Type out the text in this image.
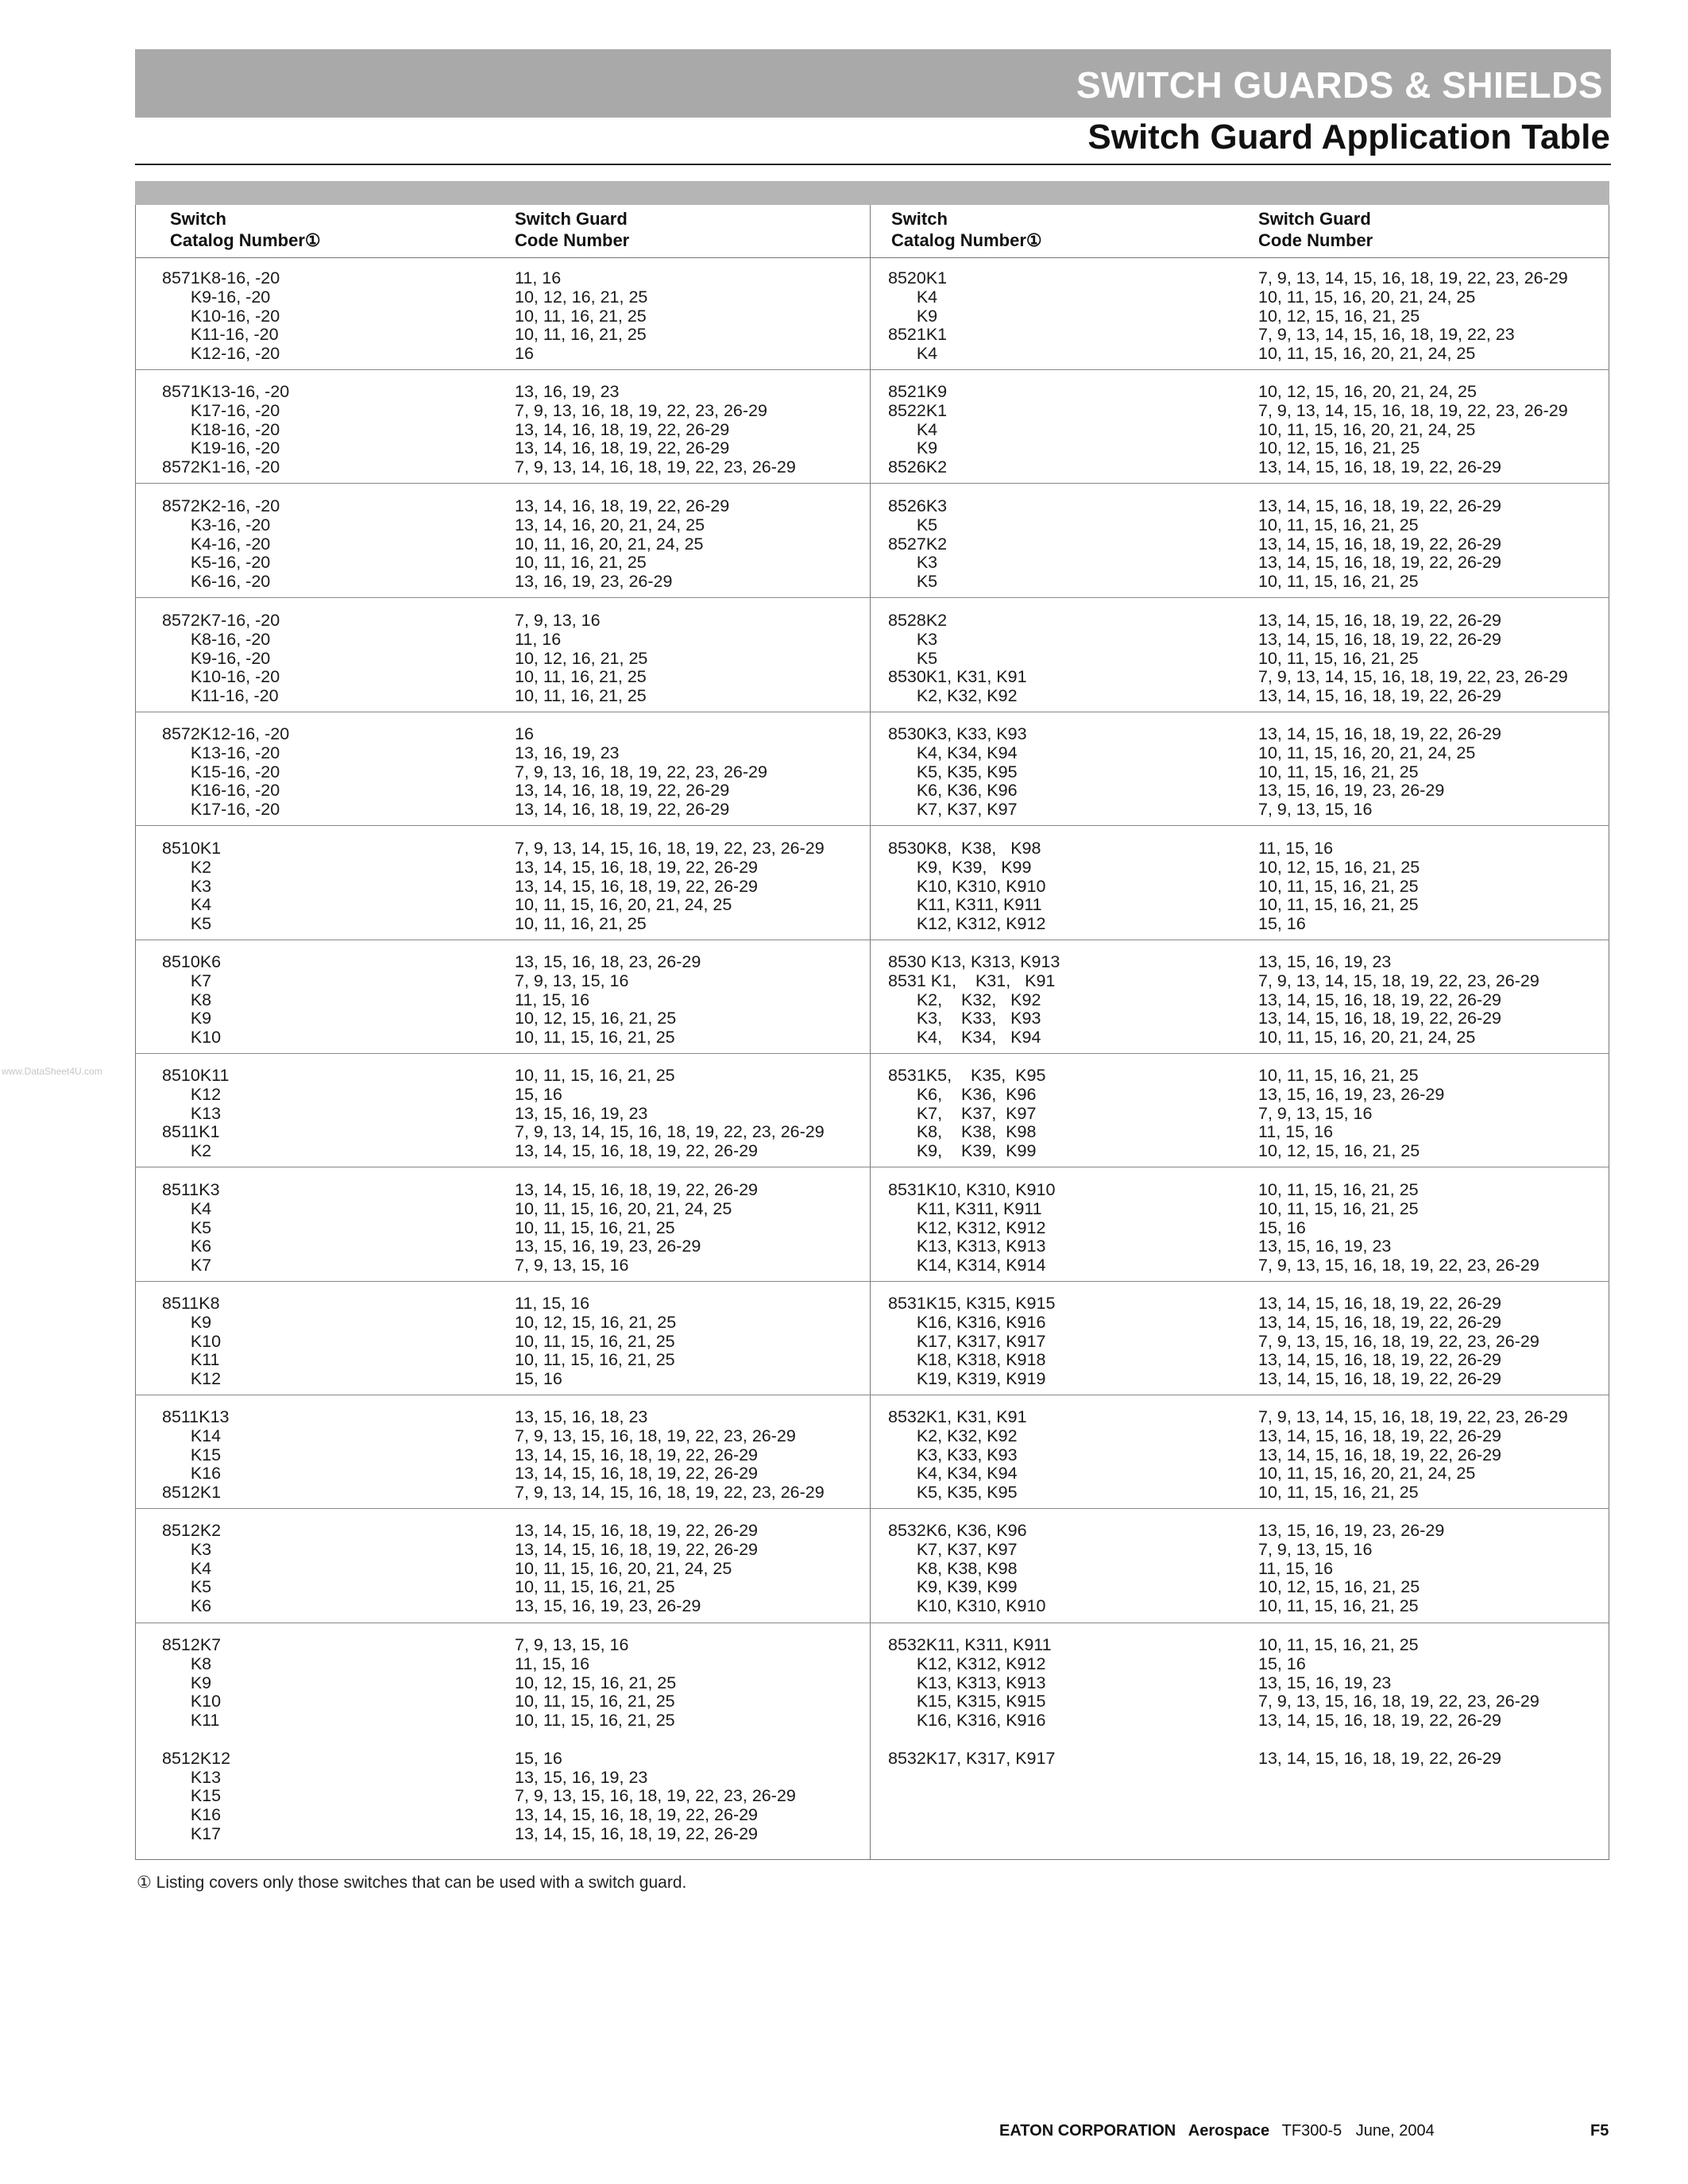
SWITCH GUARDS & SHIELDS
Switch Guard Application Table
Switch
Catalog Number①
Switch Guard
Code Number
Switch
Catalog Number①
Switch Guard
Code Number
8571K8-16, -20
K9-16, -20
K10-16, -20
K11-16, -20
K12-16, -20
11, 16
10, 12, 16, 21, 25
10, 11, 16, 21, 25
10, 11, 16, 21, 25
16
8520K1
K4
K9
8521K1
K4
7, 9, 13, 14, 15, 16, 18, 19, 22, 23, 26-29
10, 11, 15, 16, 20, 21, 24, 25
10, 12, 15, 16, 21, 25
7, 9, 13, 14, 15, 16, 18, 19, 22, 23
10, 11, 15, 16, 20, 21, 24, 25
8571K13-16, -20
K17-16, -20
K18-16, -20
K19-16, -20
8572K1-16, -20
13, 16, 19, 23
7, 9, 13, 16, 18, 19, 22, 23, 26-29
13, 14, 16, 18, 19, 22, 26-29
13, 14, 16, 18, 19, 22, 26-29
7, 9, 13, 14, 16, 18, 19, 22, 23, 26-29
8521K9
8522K1
K4
K9
8526K2
10, 12, 15, 16, 20, 21, 24, 25
7, 9, 13, 14, 15, 16, 18, 19, 22, 23, 26-29
10, 11, 15, 16, 20, 21, 24, 25
10, 12, 15, 16, 21, 25
13, 14, 15, 16, 18, 19, 22, 26-29
8572K2-16, -20
K3-16, -20
K4-16, -20
K5-16, -20
K6-16, -20
13, 14, 16, 18, 19, 22, 26-29
13, 14, 16, 20, 21, 24, 25
10, 11, 16, 20, 21, 24, 25
10, 11, 16, 21, 25
13, 16, 19, 23, 26-29
8526K3
K5
8527K2
K3
K5
13, 14, 15, 16, 18, 19, 22, 26-29
10, 11, 15, 16, 21, 25
13, 14, 15, 16, 18, 19, 22, 26-29
13, 14, 15, 16, 18, 19, 22, 26-29
10, 11, 15, 16, 21, 25
8572K7-16, -20
K8-16, -20
K9-16, -20
K10-16, -20
K11-16, -20
7, 9, 13, 16
11, 16
10, 12, 16, 21, 25
10, 11, 16, 21, 25
10, 11, 16, 21, 25
8528K2
K3
K5
8530K1, K31, K91
K2, K32, K92
13, 14, 15, 16, 18, 19, 22, 26-29
13, 14, 15, 16, 18, 19, 22, 26-29
10, 11, 15, 16, 21, 25
7, 9, 13, 14, 15, 16, 18, 19, 22, 23, 26-29
13, 14, 15, 16, 18, 19, 22, 26-29
8572K12-16, -20
K13-16, -20
K15-16, -20
K16-16, -20
K17-16, -20
16
13, 16, 19, 23
7, 9, 13, 16, 18, 19, 22, 23, 26-29
13, 14, 16, 18, 19, 22, 26-29
13, 14, 16, 18, 19, 22, 26-29
8530K3, K33, K93
K4, K34, K94
K5, K35, K95
K6, K36, K96
K7, K37, K97
13, 14, 15, 16, 18, 19, 22, 26-29
10, 11, 15, 16, 20, 21, 24, 25
10, 11, 15, 16, 21, 25
13, 15, 16, 19, 23, 26-29
7, 9, 13, 15, 16
8510K1
K2
K3
K4
K5
7, 9, 13, 14, 15, 16, 18, 19, 22, 23, 26-29
13, 14, 15, 16, 18, 19, 22, 26-29
13, 14, 15, 16, 18, 19, 22, 26-29
10, 11, 15, 16, 20, 21, 24, 25
10, 11, 16, 21, 25
8530K8,  K38,   K98
K9,  K39,   K99
K10, K310, K910
K11, K311, K911
K12, K312, K912
11, 15, 16
10, 12, 15, 16, 21, 25
10, 11, 15, 16, 21, 25
10, 11, 15, 16, 21, 25
15, 16
8510K6
K7
K8
K9
K10
13, 15, 16, 18, 23, 26-29
7, 9, 13, 15, 16
11, 15, 16
10, 12, 15, 16, 21, 25
10, 11, 15, 16, 21, 25
8530 K13, K313, K913
8531 K1,    K31,   K91
K2,    K32,   K92
K3,    K33,   K93
K4,    K34,   K94
13, 15, 16, 19, 23
7, 9, 13, 14, 15, 18, 19, 22, 23, 26-29
13, 14, 15, 16, 18, 19, 22, 26-29
13, 14, 15, 16, 18, 19, 22, 26-29
10, 11, 15, 16, 20, 21, 24, 25
8510K11
K12
K13
8511K1
K2
10, 11, 15, 16, 21, 25
15, 16
13, 15, 16, 19, 23
7, 9, 13, 14, 15, 16, 18, 19, 22, 23, 26-29
13, 14, 15, 16, 18, 19, 22, 26-29
8531K5,    K35,  K95
K6,    K36,  K96
K7,    K37,  K97
K8,    K38,  K98
K9,    K39,  K99
10, 11, 15, 16, 21, 25
13, 15, 16, 19, 23, 26-29
7, 9, 13, 15, 16
11, 15, 16
10, 12, 15, 16, 21, 25
8511K3
K4
K5
K6
K7
13, 14, 15, 16, 18, 19, 22, 26-29
10, 11, 15, 16, 20, 21, 24, 25
10, 11, 15, 16, 21, 25
13, 15, 16, 19, 23, 26-29
7, 9, 13, 15, 16
8531K10, K310, K910
K11, K311, K911
K12, K312, K912
K13, K313, K913
K14, K314, K914
10, 11, 15, 16, 21, 25
10, 11, 15, 16, 21, 25
15, 16
13, 15, 16, 19, 23
7, 9, 13, 15, 16, 18, 19, 22, 23, 26-29
8511K8
K9
K10
K11
K12
11, 15, 16
10, 12, 15, 16, 21, 25
10, 11, 15, 16, 21, 25
10, 11, 15, 16, 21, 25
15, 16
8531K15, K315, K915
K16, K316, K916
K17, K317, K917
K18, K318, K918
K19, K319, K919
13, 14, 15, 16, 18, 19, 22, 26-29
13, 14, 15, 16, 18, 19, 22, 26-29
7, 9, 13, 15, 16, 18, 19, 22, 23, 26-29
13, 14, 15, 16, 18, 19, 22, 26-29
13, 14, 15, 16, 18, 19, 22, 26-29
8511K13
K14
K15
K16
8512K1
13, 15, 16, 18, 23
7, 9, 13, 15, 16, 18, 19, 22, 23, 26-29
13, 14, 15, 16, 18, 19, 22, 26-29
13, 14, 15, 16, 18, 19, 22, 26-29
7, 9, 13, 14, 15, 16, 18, 19, 22, 23, 26-29
8532K1, K31, K91
K2, K32, K92
K3, K33, K93
K4, K34, K94
K5, K35, K95
7, 9, 13, 14, 15, 16, 18, 19, 22, 23, 26-29
13, 14, 15, 16, 18, 19, 22, 26-29
13, 14, 15, 16, 18, 19, 22, 26-29
10, 11, 15, 16, 20, 21, 24, 25
10, 11, 15, 16, 21, 25
8512K2
K3
K4
K5
K6
13, 14, 15, 16, 18, 19, 22, 26-29
13, 14, 15, 16, 18, 19, 22, 26-29
10, 11, 15, 16, 20, 21, 24, 25
10, 11, 15, 16, 21, 25
13, 15, 16, 19, 23, 26-29
8532K6, K36, K96
K7, K37, K97
K8, K38, K98
K9, K39, K99
K10, K310, K910
13, 15, 16, 19, 23, 26-29
7, 9, 13, 15, 16
11, 15, 16
10, 12, 15, 16, 21, 25
10, 11, 15, 16, 21, 25
8512K7
K8
K9
K10
K11

8512K12
K13
K15
K16
K17
7, 9, 13, 15, 16
11, 15, 16
10, 12, 15, 16, 21, 25
10, 11, 15, 16, 21, 25
10, 11, 15, 16, 21, 25

15, 16
13, 15, 16, 19, 23
7, 9, 13, 15, 16, 18, 19, 22, 23, 26-29
13, 14, 15, 16, 18, 19, 22, 26-29
13, 14, 15, 16, 18, 19, 22, 26-29
8532K11, K311, K911
K12, K312, K912
K13, K313, K913
K15, K315, K915
K16, K316, K916

8532K17, K317, K917
10, 11, 15, 16, 21, 25
15, 16
13, 15, 16, 19, 23
7, 9, 13, 15, 16, 18, 19, 22, 23, 26-29
13, 14, 15, 16, 18, 19, 22, 26-29

13, 14, 15, 16, 18, 19, 22, 26-29
www.DataSheet4U.com
① Listing covers only those switches that can be used with a switch guard.
EATON CORPORATION Aerospace TF300-5 June, 2004	F5
